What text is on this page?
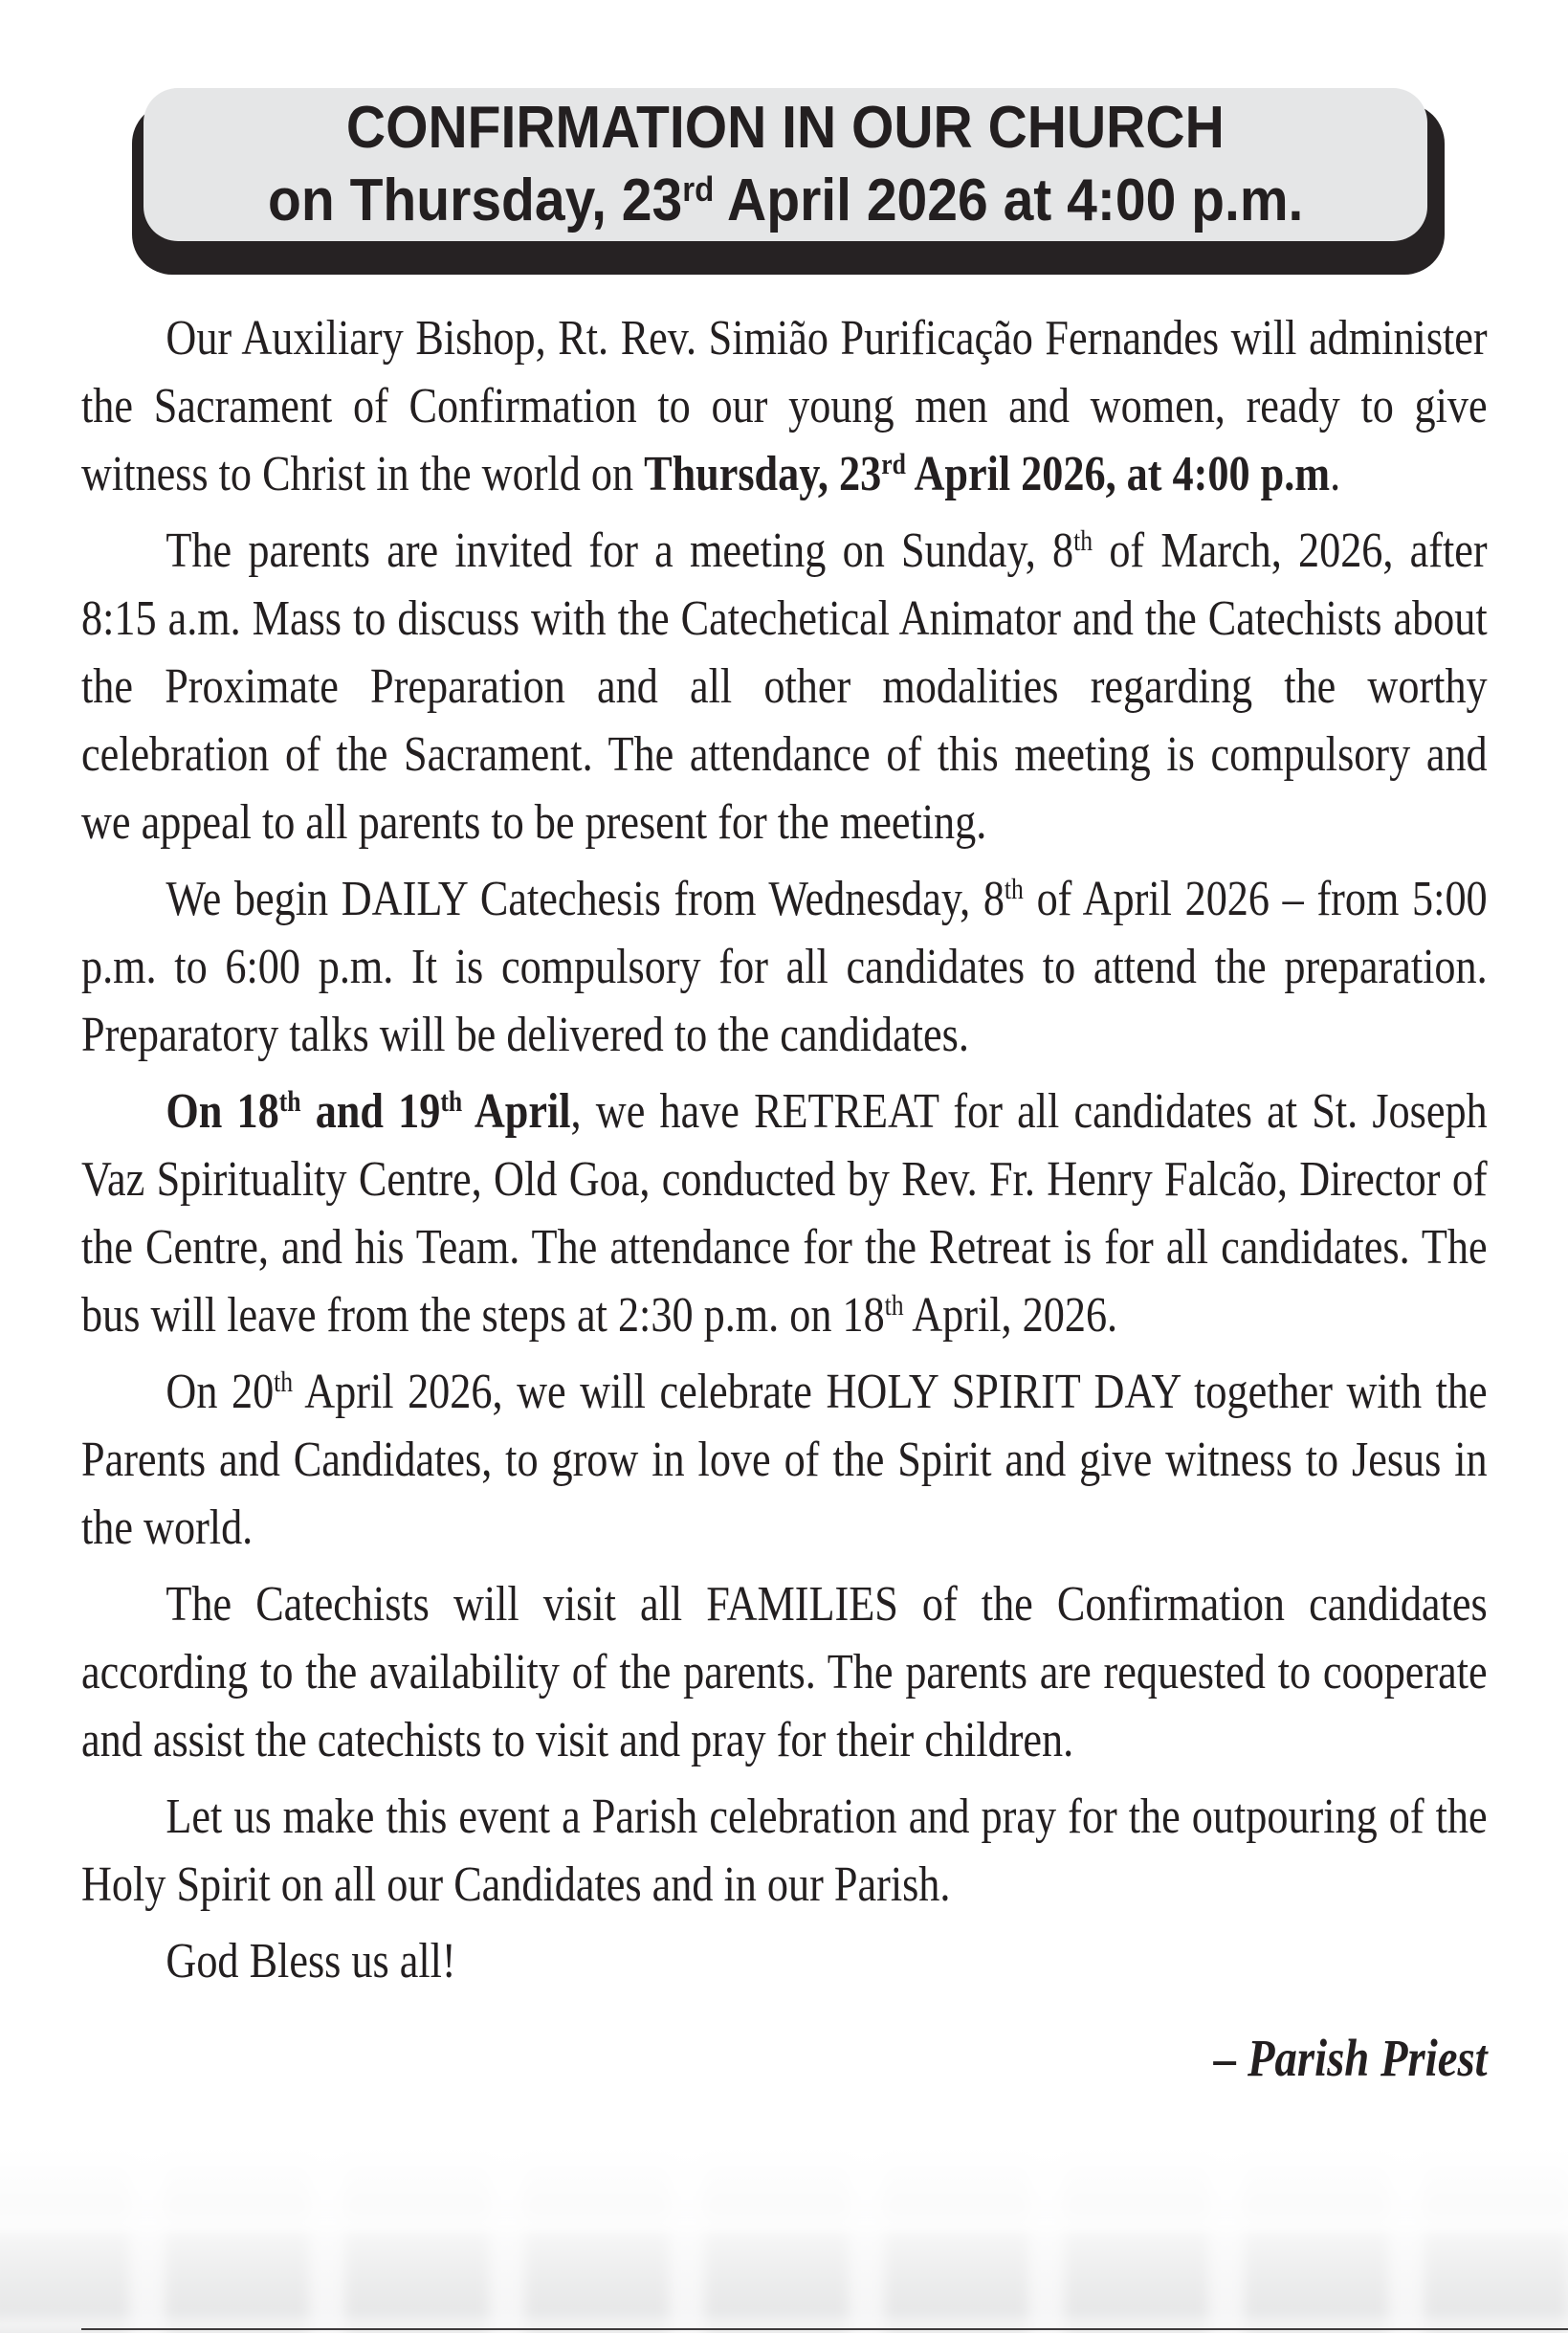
CONFIRMATION IN OUR CHURCH
on Thursday, 23rd April 2026 at 4:00 p.m.

Our Auxiliary Bishop, Rt. Rev. Simião Purificação Fernandes will administer the Sacrament of Confirmation to our young men and women, ready to give witness to Christ in the world on Thursday, 23rd April 2026, at 4:00 p.m.

The parents are invited for a meeting on Sunday, 8th of March, 2026, after 8:15 a.m. Mass to discuss with the Catechetical Animator and the Catechists about the Proximate Preparation and all other modalities regarding the worthy celebration of the Sacrament. The attendance of this meeting is compulsory and we appeal to all parents to be present for the meeting.

We begin DAILY Catechesis from Wednesday, 8th of April 2026 – from 5:00 p.m. to 6:00 p.m. It is compulsory for all candidates to attend the preparation. Preparatory talks will be delivered to the candidates.

On 18th and 19th April, we have RETREAT for all candidates at St. Joseph Vaz Spirituality Centre, Old Goa, conducted by Rev. Fr. Henry Falcão, Director of the Centre, and his Team. The attendance for the Retreat is for all candidates. The bus will leave from the steps at 2:30 p.m. on 18th April, 2026.

On 20th April 2026, we will celebrate HOLY SPIRIT DAY together with the Parents and Candidates, to grow in love of the Spirit and give witness to Jesus in the world.

The Catechists will visit all FAMILIES of the Confirmation candidates according to the availability of the parents. The parents are requested to cooperate and assist the catechists to visit and pray for their children.

Let us make this event a Parish celebration and pray for the outpouring of the Holy Spirit on all our Candidates and in our Parish.

God Bless us all!

– Parish Priest
